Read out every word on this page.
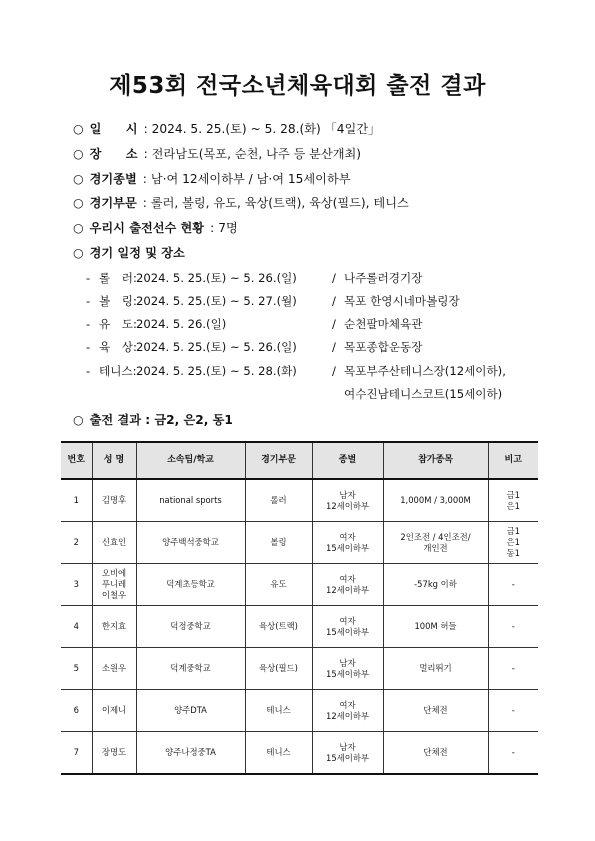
제53회 전국소년체육대회 출전 결과
○ 일　　시 : 2024. 5. 25.(토) ~ 5. 28.(화) 「4일간」
○ 장　　소 : 전라남도(목포, 순천, 나주 등 분산개최)
○ 경기종별 : 남·여 12세이하부 / 남·여 15세이하부
○ 경기부문 : 롤러, 볼링, 유도, 육상(트랙), 육상(필드), 테니스
○ 우리시 출전선수 현황 : 7명
○ 경기 일정 및 장소
- 롤　러: 2024. 5. 25.(토) ~ 5. 26.(일)	/ 나주롤러경기장
- 볼　링: 2024. 5. 25.(토) ~ 5. 27.(월)	/ 목포 한영시네마볼링장
- 유　도: 2024. 5. 26.(일)	/ 순천팔마체육관
- 육　상: 2024. 5. 25.(토) ~ 5. 26.(일)	/ 목포종합운동장
- 테니스: 2024. 5. 25.(토) ~ 5. 28.(화)	/ 목포부주산테니스장(12세이하),
여수진남테니스코트(15세이하)
○ 출전 결과 : 금2, 은2, 동1
번호	성 명	소속팀/학교	경기부문	종별	참가종목	비고
1	김명후	national sports	롤러	남자
12세이하부	1,000M / 3,000M	금1
은1
2	신효인	양주백석중학교	볼링	여자
15세이하부	2인조전 / 4인조전/
개인전	금1
은1
동1
3	오비에
푸니레
이철우	덕계초등학교	유도	여자
12세이하부	-57kg 이하	-
4	한지효	덕정중학교	육상(트랙)	여자
15세이하부	100M 허들	-
5	소원우	덕계중학교	육상(필드)	남자
15세이하부	멀리뛰기	-
6	이제니	양주DTA	테니스	여자
12세이하부	단체전	-
7	장명도	양주나정중TA	테니스	남자
15세이하부	단체전	-
